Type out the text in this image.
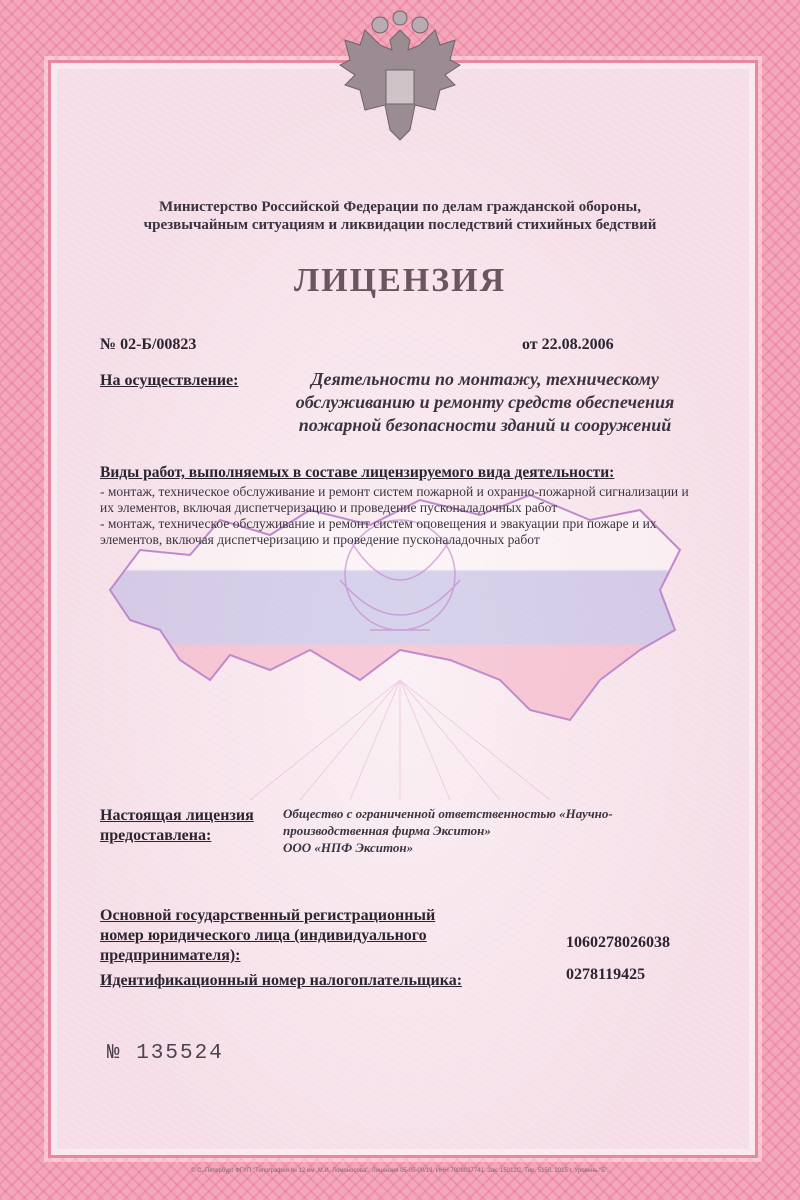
Министерство Российской Федерации по делам гражданской обороны,
чрезвычайным ситуациям и ликвидации последствий стихийных бедствий
ЛИЦЕНЗИЯ
№ 02-Б/00823	от 22.08.2006
На осуществление:	Деятельности по монтажу, техническому
обслуживанию и ремонту средств обеспечения
пожарной безопасности зданий и сооружений
Виды работ, выполняемых в составе лицензируемого вида деятельности:
- монтаж, техническое обслуживание и ремонт систем пожарной и охранно-пожарной сигнализации и
их элементов, включая диспетчеризацию и проведение пусконаладочных работ
- монтаж, техническое обслуживание и ремонт систем оповещения и эвакуации при пожаре и их
элементов, включая диспетчеризацию и проведение пусконаладочных работ
Настоящая лицензия
предоставлена:
Общество с ограниченной ответственностью «Научно-
производственная фирма Экситон»
ООО «НПФ Экситон»
Основной государственный регистрационный
номер юридического лица (индивидуального
предпринимателя):
1060278026038
Идентификационный номер налогоплательщика:	0278119425
№ 135524
© С.-Петербург ФГУП "Типография № 12 им. М.И. Ломоносова". Лицензия 05-05-09/19. ИНН 7808037741. Зак. 15012С. Тир. 5150. 2015 г. Уровень "Б".
